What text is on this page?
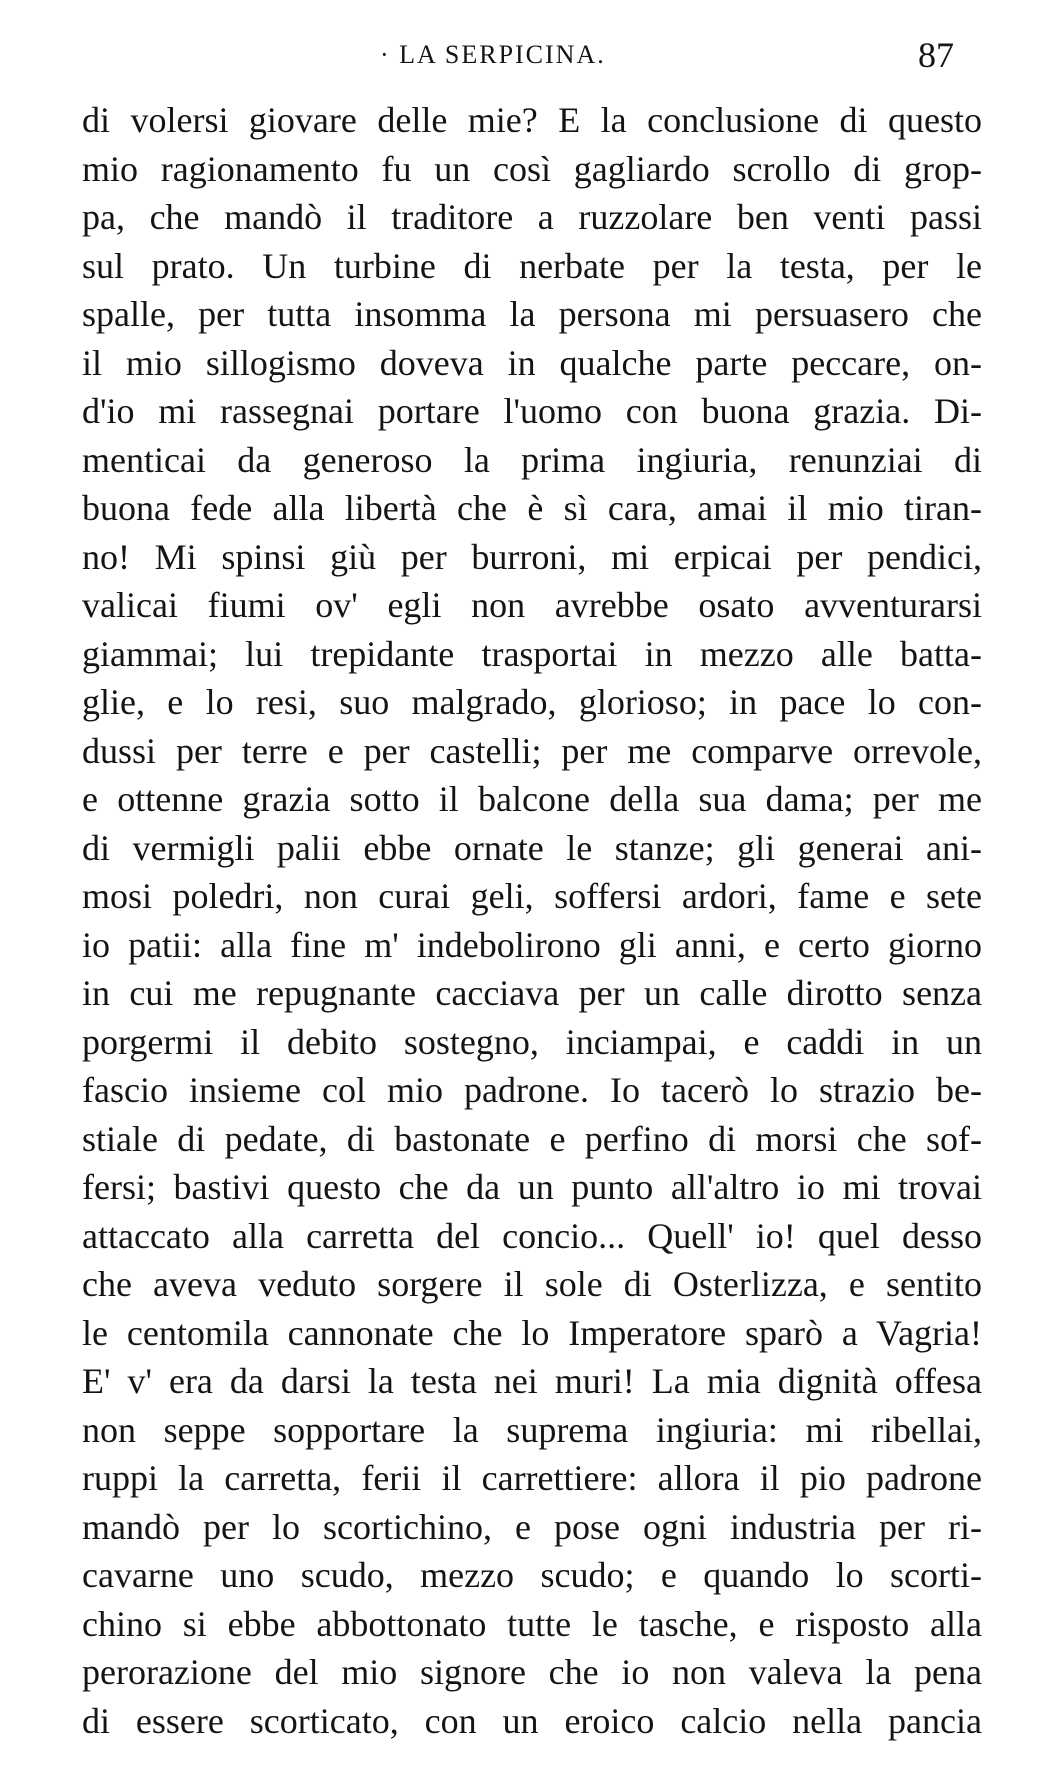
· LA SERPICINA.	87
di volersi giovare delle mie? E la conclusione di questo
mio ragionamento fu un così gagliardo scrollo di grop-
pa, che mandò il traditore a ruzzolare ben venti passi
sul prato. Un turbine di nerbate per la testa, per le
spalle, per tutta insomma la persona mi persuasero che
il mio sillogismo doveva in qualche parte peccare, on-
d'io mi rassegnai portare l'uomo con buona grazia. Di-
menticai da generoso la prima ingiuria, renunziai di
buona fede alla libertà che è sì cara, amai il mio tiran-
no! Mi spinsi giù per burroni, mi erpicai per pendici,
valicai fiumi ov' egli non avrebbe osato avventurarsi
giammai; lui trepidante trasportai in mezzo alle batta-
glie, e lo resi, suo malgrado, glorioso; in pace lo con-
dussi per terre e per castelli; per me comparve orrevole,
e ottenne grazia sotto il balcone della sua dama; per me
di vermigli palii ebbe ornate le stanze; gli generai ani-
mosi poledri, non curai geli, soffersi ardori, fame e sete
io patii: alla fine m' indebolirono gli anni, e certo giorno
in cui me repugnante cacciava per un calle dirotto senza
porgermi il debito sostegno, inciampai, e caddi in un
fascio insieme col mio padrone. Io tacerò lo strazio be-
stiale di pedate, di bastonate e perfino di morsi che sof-
fersi; bastivi questo che da un punto all'altro io mi trovai
attaccato alla carretta del concio... Quell' io! quel desso
che aveva veduto sorgere il sole di Osterlizza, e sentito
le centomila cannonate che lo Imperatore sparò a Vagria!
E' v' era da darsi la testa nei muri! La mia dignità offesa
non seppe sopportare la suprema ingiuria: mi ribellai,
ruppi la carretta, ferii il carrettiere: allora il pio padrone
mandò per lo scortichino, e pose ogni industria per ri-
cavarne uno scudo, mezzo scudo; e quando lo scorti-
chino si ebbe abbottonato tutte le tasche, e risposto alla
perorazione del mio signore che io non valeva la pena
di essere scorticato, con un eroico calcio nella pancia
